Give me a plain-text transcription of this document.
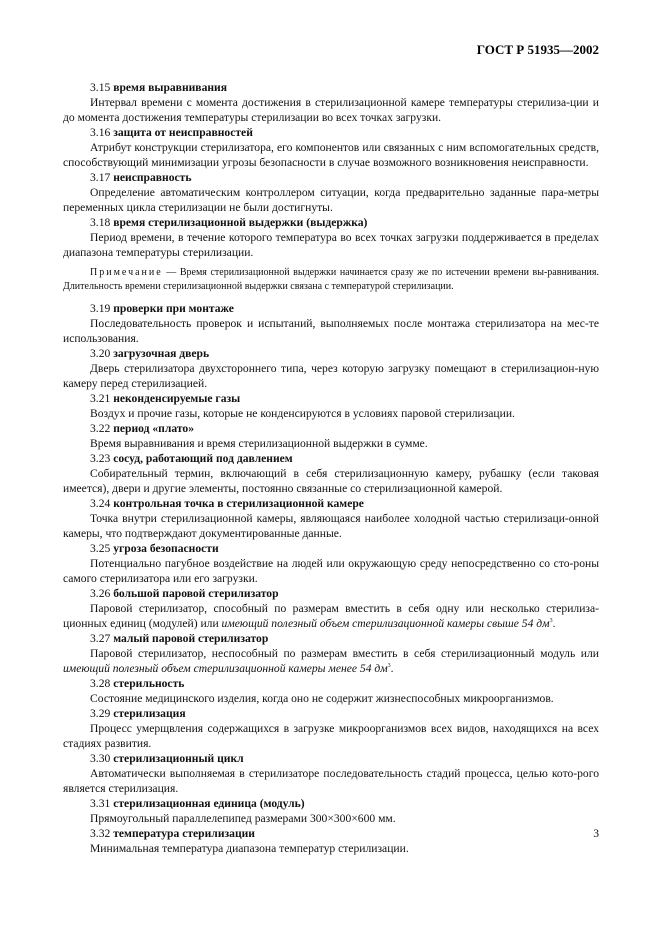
ГОСТ Р 51935—2002

3.15 время выравнивания

Интервал времени с момента достижения в стерилизационной камере температуры стерилиза-ции и до момента достижения температуры стерилизации во всех точках загрузки.

3.16 защита от неисправностей

Атрибут конструкции стерилизатора, его компонентов или связанных с ним вспомогательных средств, способствующий минимизации угрозы безопасности в случае возможного возникновения неисправности.

3.17 неисправность

Определение автоматическим контроллером ситуации, когда предварительно заданные пара-метры переменных цикла стерилизации не были достигнуты.

3.18 время стерилизационной выдержки (выдержка)

Период времени, в течение которого температура во всех точках загрузки поддерживается в пределах диапазона температуры стерилизации.

Примечание — Время стерилизационной выдержки начинается сразу же по истечении времени вы-равнивания. Длительность времени стерилизационной выдержки связана с температурой стерилизации.

3.19 проверки при монтаже

Последовательность проверок и испытаний, выполняемых после монтажа стерилизатора на мес-те использования.

3.20 загрузочная дверь

Дверь стерилизатора двухстороннего типа, через которую загрузку помещают в стерилизацион-ную камеру перед стерилизацией.

3.21 неконденсируемые газы

Воздух и прочие газы, которые не конденсируются в условиях паровой стерилизации.

3.22 период «плато»

Время выравнивания и время стерилизационной выдержки в сумме.

3.23 сосуд, работающий под давлением

Собирательный термин, включающий в себя стерилизационную камеру, рубашку (если таковая имеется), двери и другие элементы, постоянно связанные со стерилизационной камерой.

3.24 контрольная точка в стерилизационной камере

Точка внутри стерилизационной камеры, являющаяся наиболее холодной частью стерилизаци-онной камеры, что подтверждают документированные данные.

3.25 угроза безопасности

Потенциально пагубное воздействие на людей или окружающую среду непосредственно со сто-роны самого стерилизатора или его загрузки.

3.26 большой паровой стерилизатор

Паровой стерилизатор, способный по размерам вместить в себя одну или несколько стерилиза-ционных единиц (модулей) или имеющий полезный объем стерилизационной камеры свыше 54 $дм^3$.

3.27 малый паровой стерилизатор

Паровой стерилизатор, неспособный по размерам вместить в себя стерилизационный модуль или имеющий полезный объем стерилизационной камеры менее 54 $дм^3$.

3.28 стерильность

Состояние медицинского изделия, когда оно не содержит жизнеспособных микроорганизмов.

3.29 стерилизация

Процесс умерщвления содержащихся в загрузке микроорганизмов всех видов, находящихся на всех стадиях развития.

3.30 стерилизационный цикл

Автоматически выполняемая в стерилизаторе последовательность стадий процесса, целью кото-рого является стерилизация.

3.31 стерилизационная единица (модуль)

Прямоугольный параллелепипед размерами 300×300×600 мм.

3.32 температура стерилизации

Минимальная температура диапазона температур стерилизации.

3
